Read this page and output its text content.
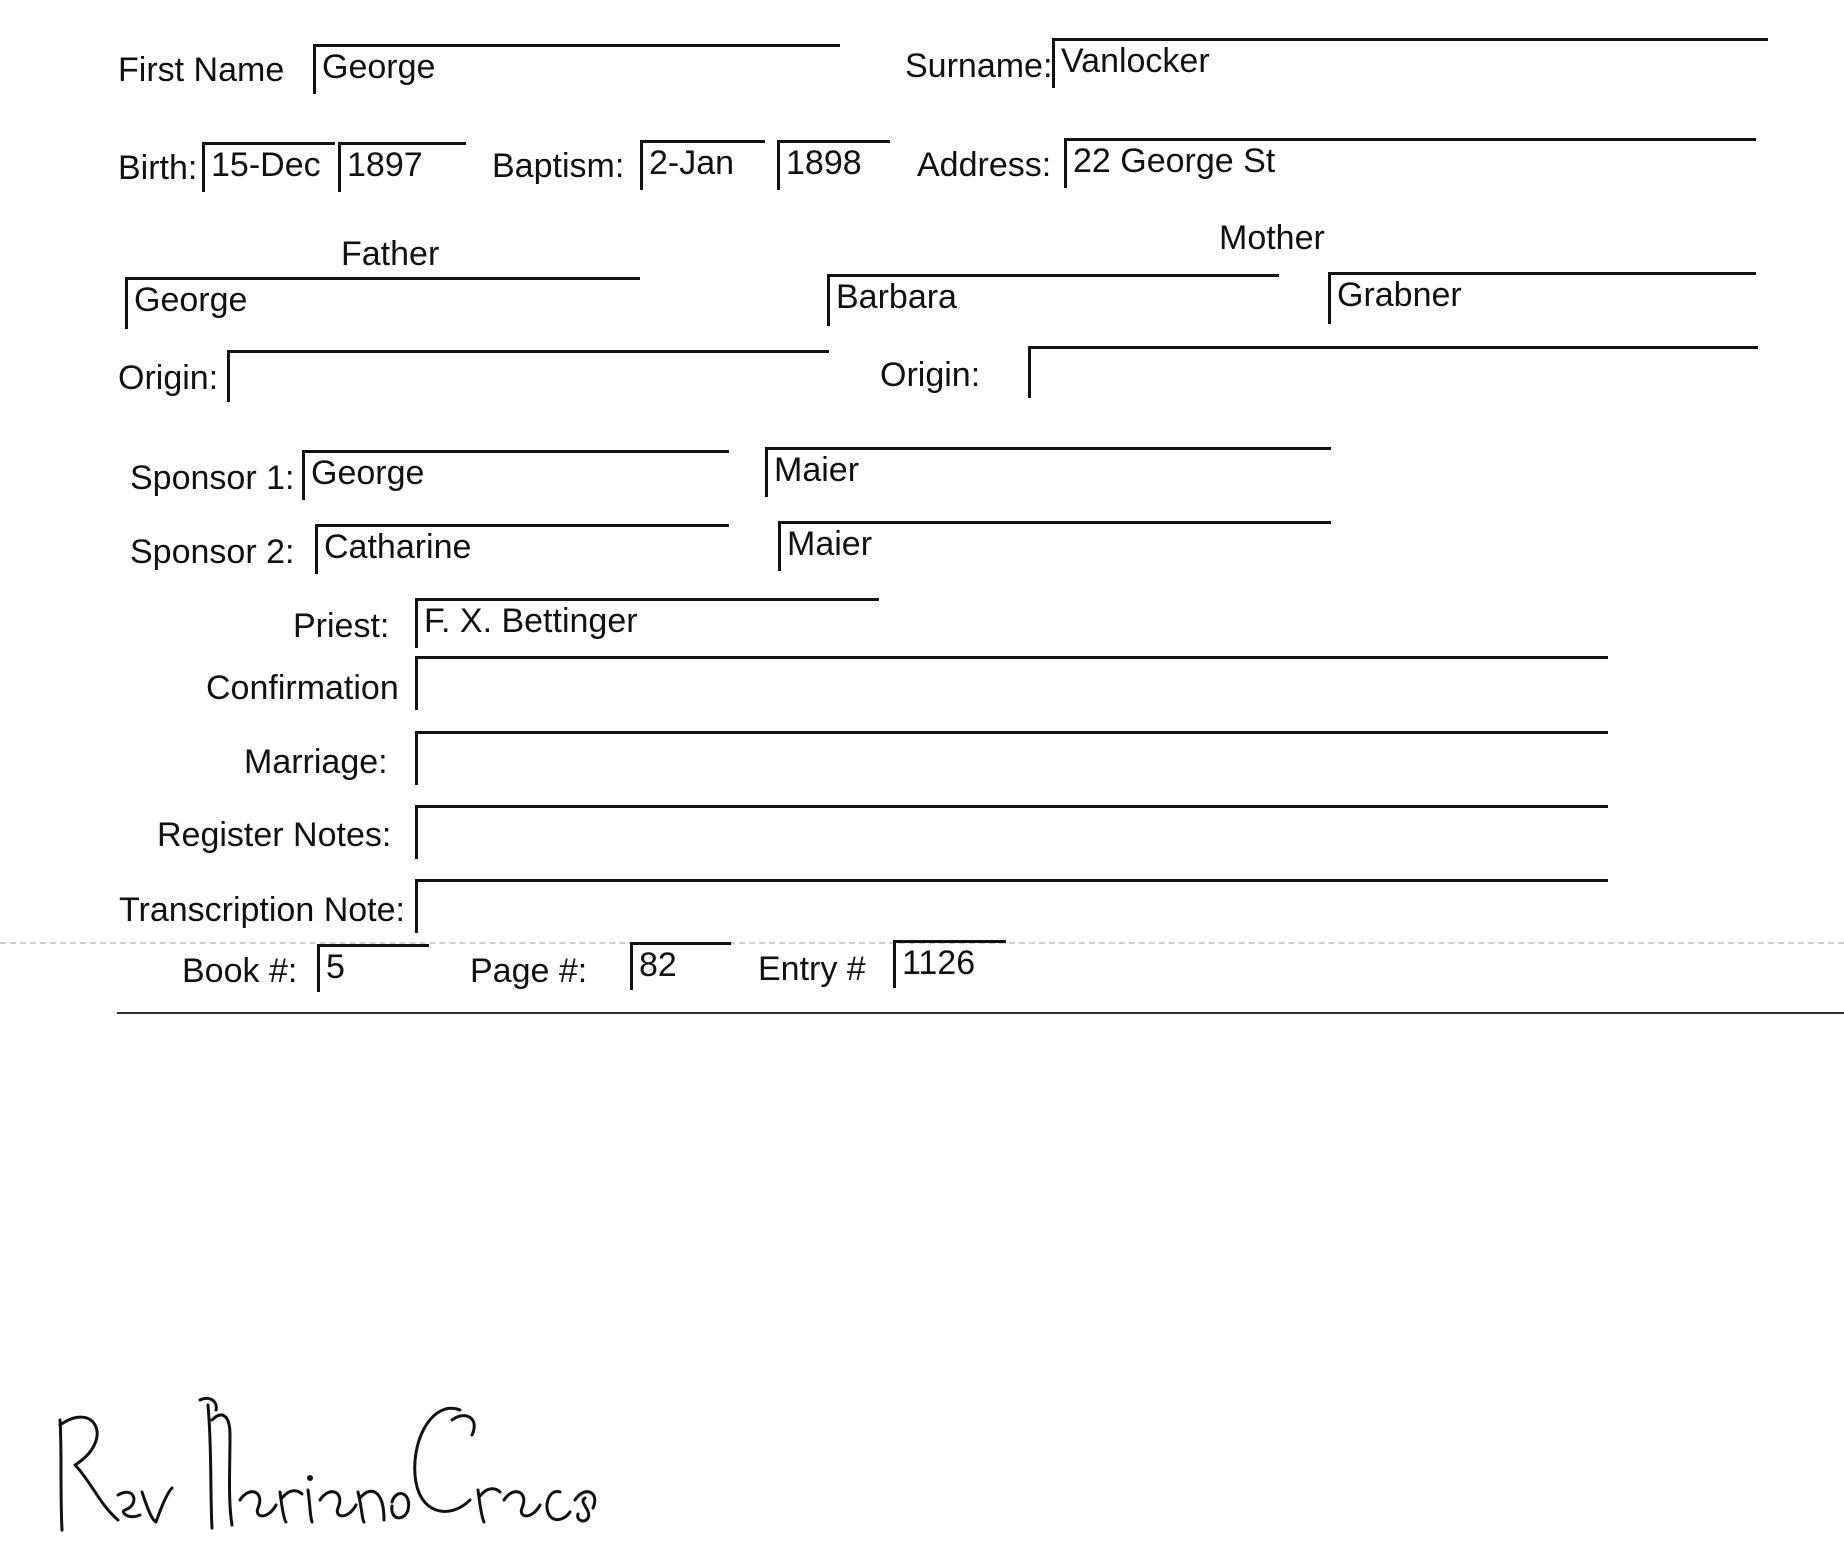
First Name George	Surname: Vanlocker
Birth: 15-Dec 1897	Baptism: 2-Jan	1898	Address: 22 George St
Father	Mother
George	Barbara	Grabner
Origin:	Origin:
Sponsor 1: George	Maier
Sponsor 2: Catharine	Maier
Priest: F. X. Bettinger
Confirmation
Marriage:
Register Notes:
Transcription Note:
Book #: 5	Page #: 82	Entry # 1126
